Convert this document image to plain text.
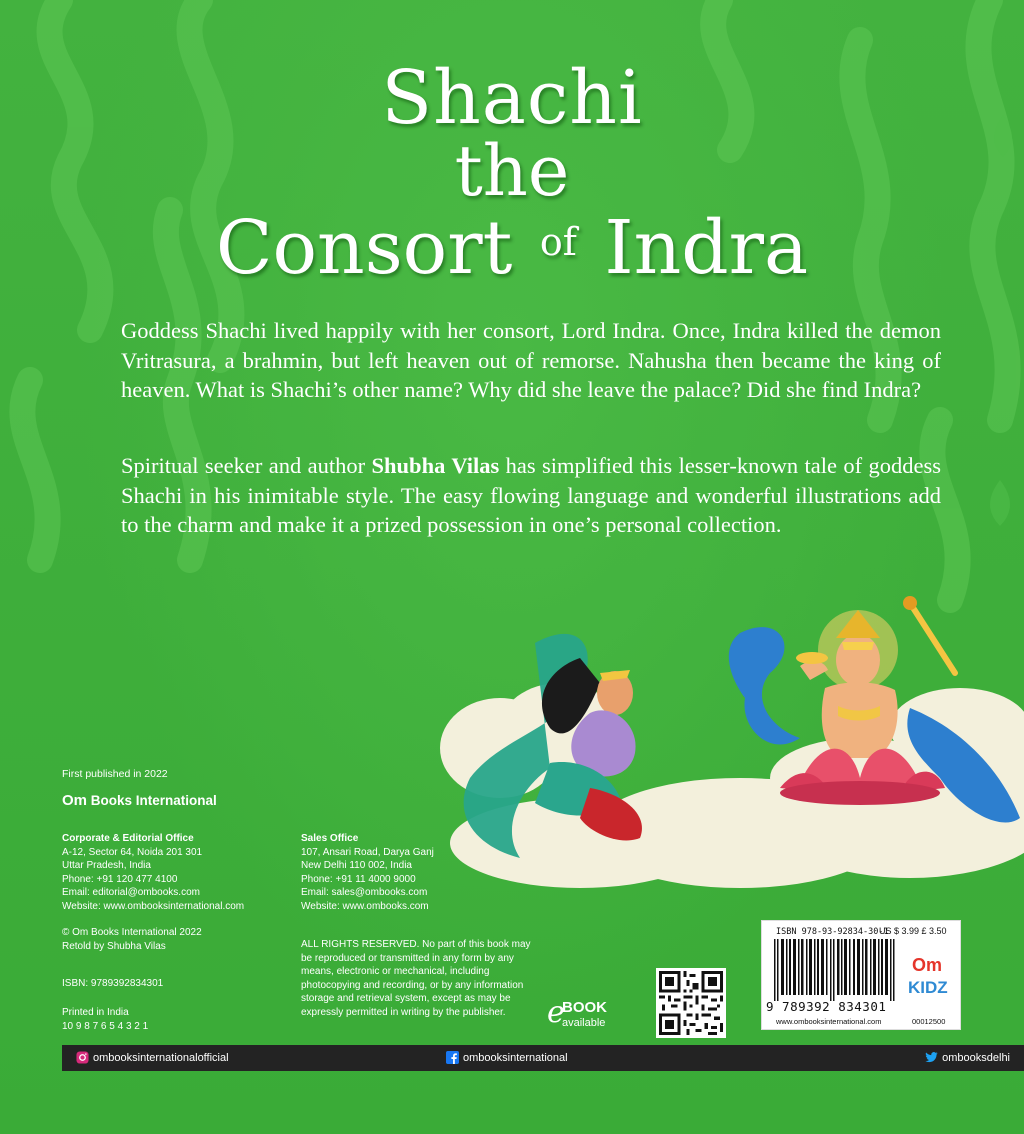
Shachi
the
Consort $^{of}$ Indra

Goddess Shachi lived happily with her consort, Lord Indra. Once, Indra killed the demon Vritrasura, a brahmin, but left heaven out of remorse. Nahusha then became the king of heaven. What is Shachi’s other name? Why did she leave the palace? Did she find Indra?

Spiritual seeker and author Shubha Vilas has simplified this lesser-known tale of goddess Shachi in his inimitable style. The easy flowing language and wonderful illustrations add to the charm and make it a prized possession in one’s personal collection.

First published in 2022

Om Books International

Corporate & Editorial Office
A-12, Sector 64, Noida 201 301
Uttar Pradesh, India
Phone: +91 120 477 4100
Email: editorial@ombooks.com
Website: www.ombooksinternational.com
Sales Office
107, Ansari Road, Darya Ganj
New Delhi 110 002, India
Phone: +91 11 4000 9000
Email: sales@ombooks.com
Website: www.ombooks.com
© Om Books International 2022
Retold by Shubha Vilas
ISBN: 9789392834301
Printed in India
10 9 8 7 6 5 4 3 2 1
ALL RIGHTS RESERVED. No part of this book may be reproduced or transmitted in any form by any means, electronic or mechanical, including photocopying and recording, or by any information storage and retrieval system, except as may be expressly permitted in writing by the publisher.	e
BOOK
available
ISBN 978-93-92834-30-1
US $ 3.99 £ 3.50
9 789392 834301
www.ombooksinternational.com	00012500
Om
KIDZ
ombooksinternationalofficial	ombooksinternational	ombooksdelhi
